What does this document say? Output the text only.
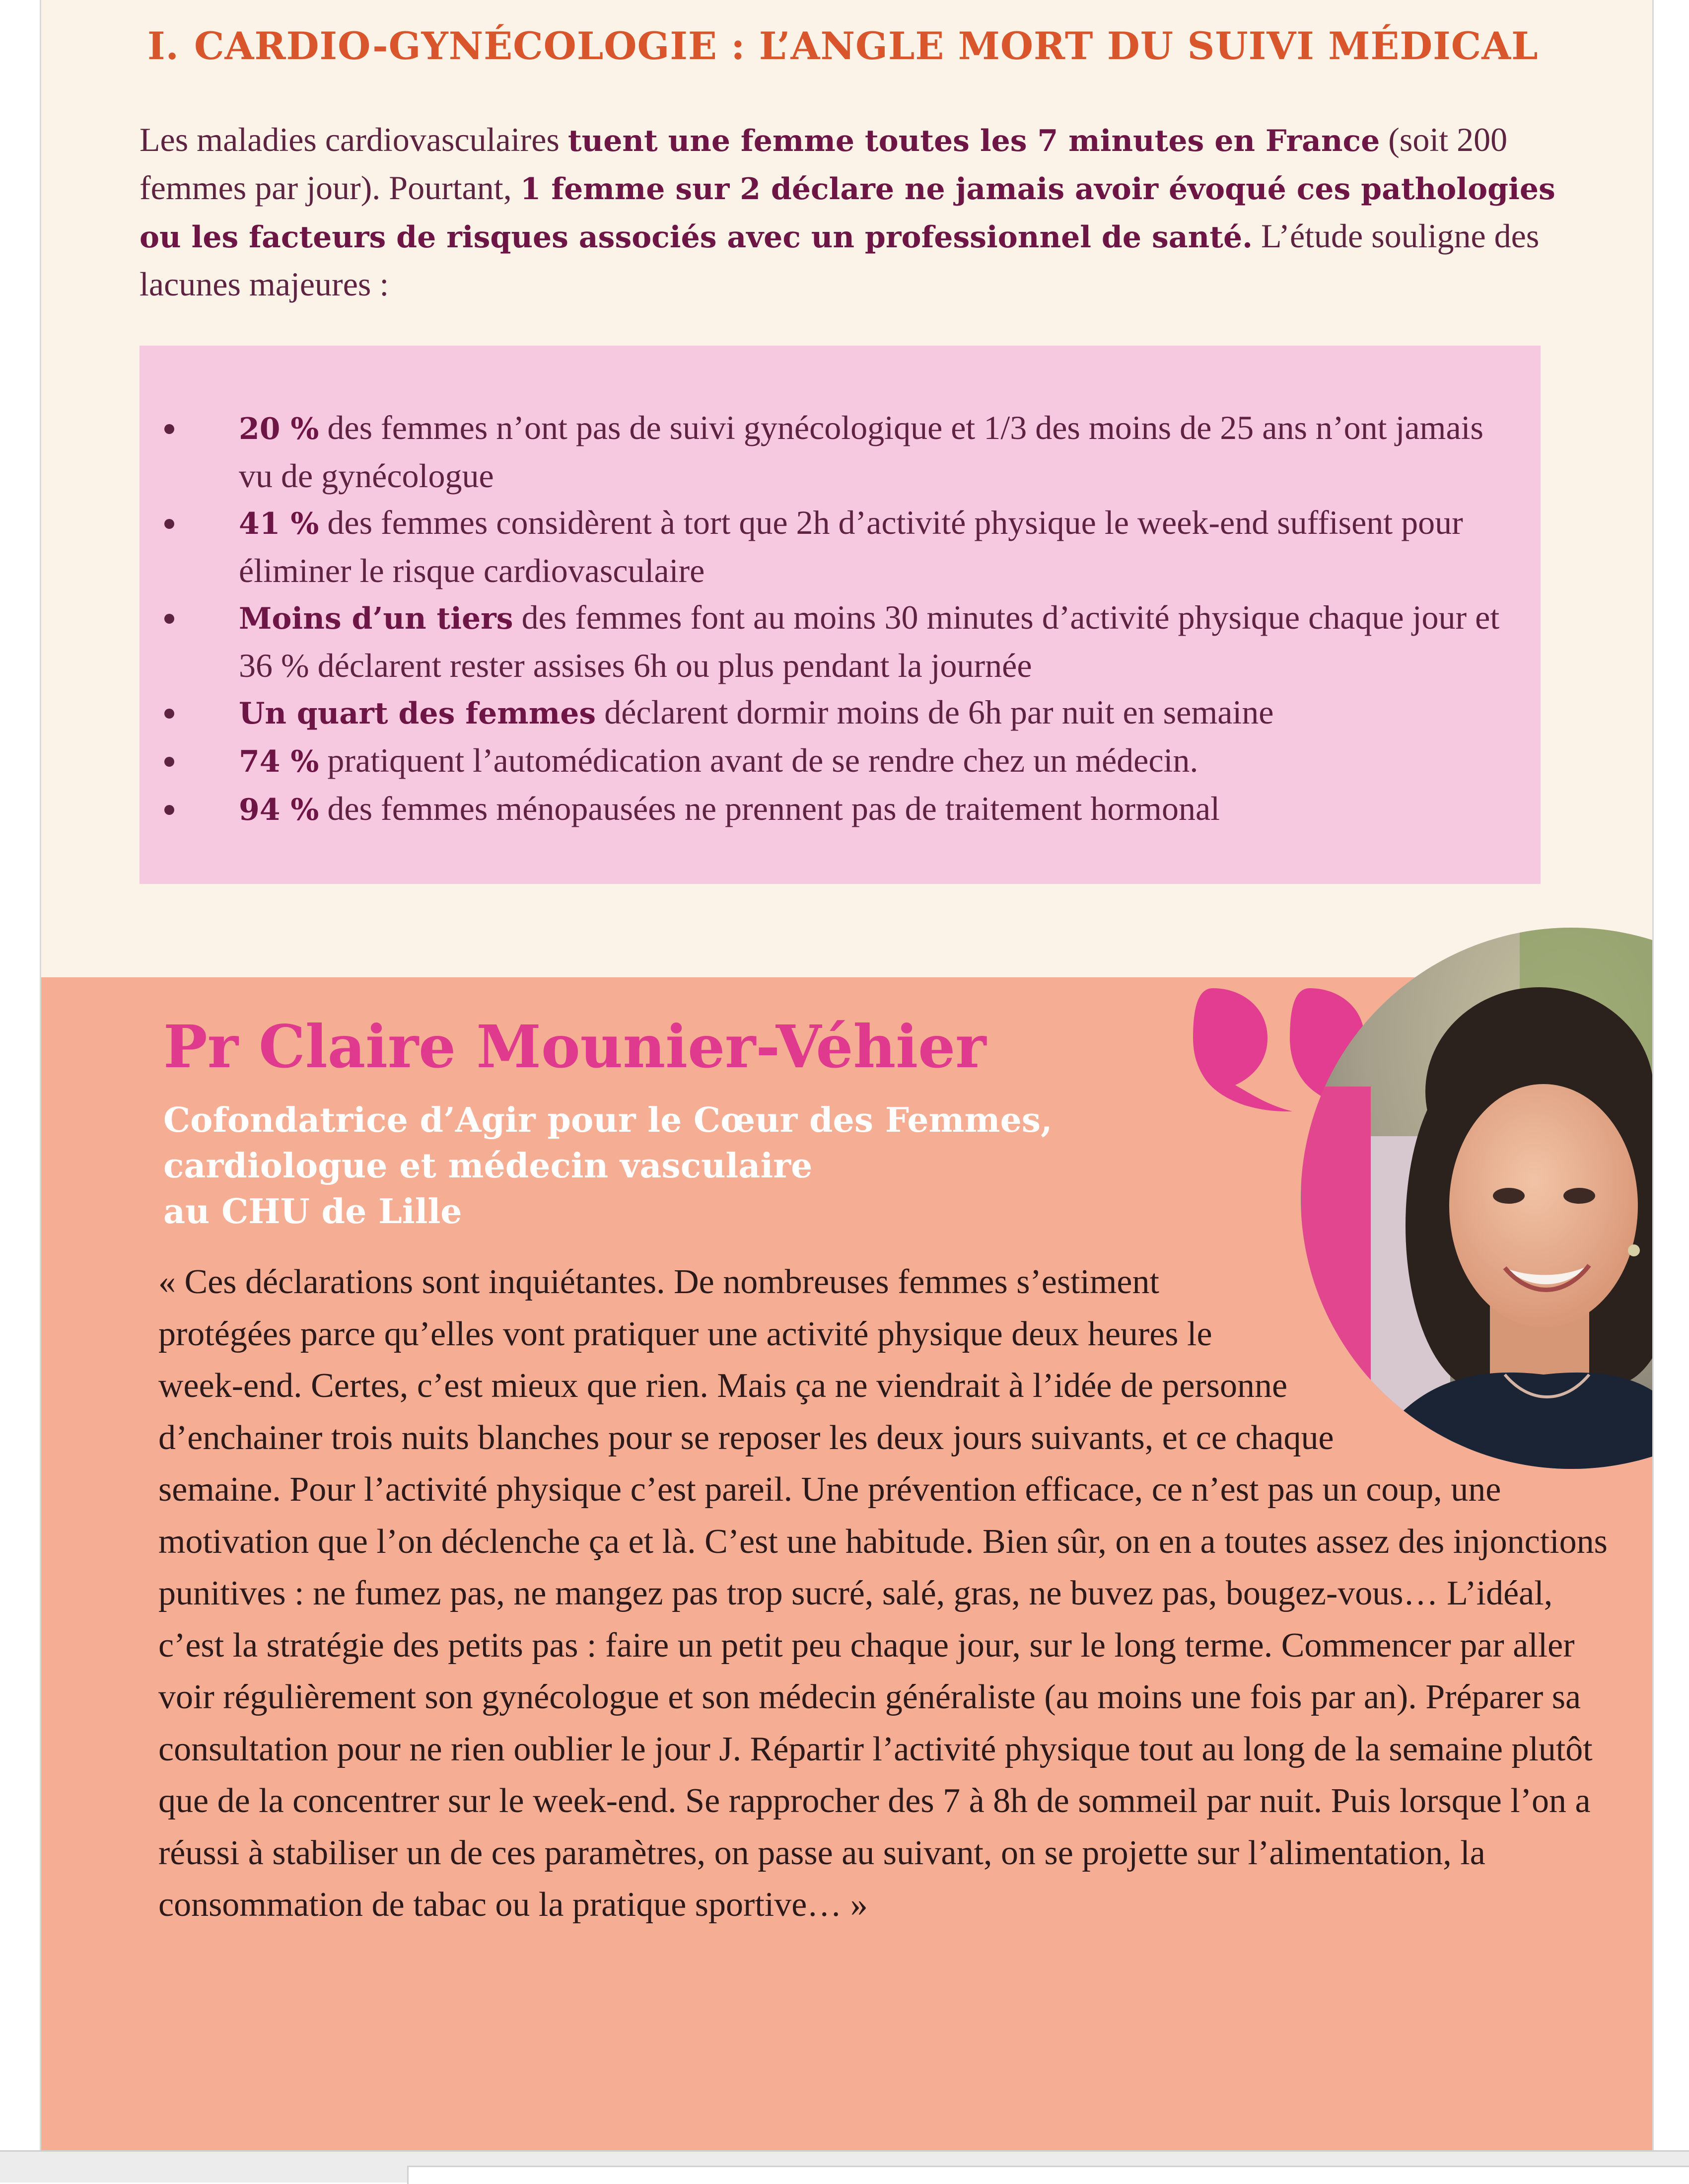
I. CARDIO-GYNÉCOLOGIE : L’ANGLE MORT DU SUIVI MÉDICAL

Les maladies cardiovasculaires tuent une femme toutes les 7 minutes en France (soit 200 femmes par jour). Pourtant, 1 femme sur 2 déclare ne jamais avoir évoqué ces pathologies ou les facteurs de risques associés avec un professionnel de santé. L’étude souligne des lacunes majeures :

20 % des femmes n’ont pas de suivi gynécologique et 1/3 des moins de 25 ans n’ont jamais vu de gynécologue
41 % des femmes considèrent à tort que 2h d’activité physique le week-end suffisent pour éliminer le risque cardiovasculaire
Moins d’un tiers des femmes font au moins 30 minutes d’activité physique chaque jour et 36 % déclarent rester assises 6h ou plus pendant la journée
Un quart des femmes déclarent dormir moins de 6h par nuit en semaine
74 % pratiquent l’automédication avant de se rendre chez un médecin.
94 % des femmes ménopausées ne prennent pas de traitement hormonal
Pr Claire Mounier-Véhier

Cofondatrice d’Agir pour le Cœur des Femmes,
cardiologue et médecin vasculaire
au CHU de Lille

« Ces déclarations sont inquiétantes. De nombreuses femmes s’estiment protégées parce qu’elles vont pratiquer une activité physique deux heures le week-end. Certes, c’est mieux que rien. Mais ça ne viendrait à l’idée de personne d’enchainer trois nuits blanches pour se reposer les deux jours suivants, et ce chaque semaine. Pour l’activité physique c’est pareil. Une prévention efficace, ce n’est pas un coup, une motivation que l’on déclenche ça et là. C’est une habitude. Bien sûr, on en a toutes assez des injonctions punitives : ne fumez pas, ne mangez pas trop sucré, salé, gras, ne buvez pas, bougez-vous… L’idéal, c’est la stratégie des petits pas : faire un petit peu chaque jour, sur le long terme. Commencer par aller voir régulièrement son gynécologue et son médecin généraliste (au moins une fois par an). Préparer sa consultation pour ne rien oublier le jour J. Répartir l’activité physique tout au long de la semaine plutôt que de la concentrer sur le week-end. Se rapprocher des 7 à 8h de sommeil par nuit. Puis lorsque l’on a réussi à stabiliser un de ces paramètres, on passe au suivant, on se projette sur l’alimentation, la consommation de tabac ou la pratique sportive… »
